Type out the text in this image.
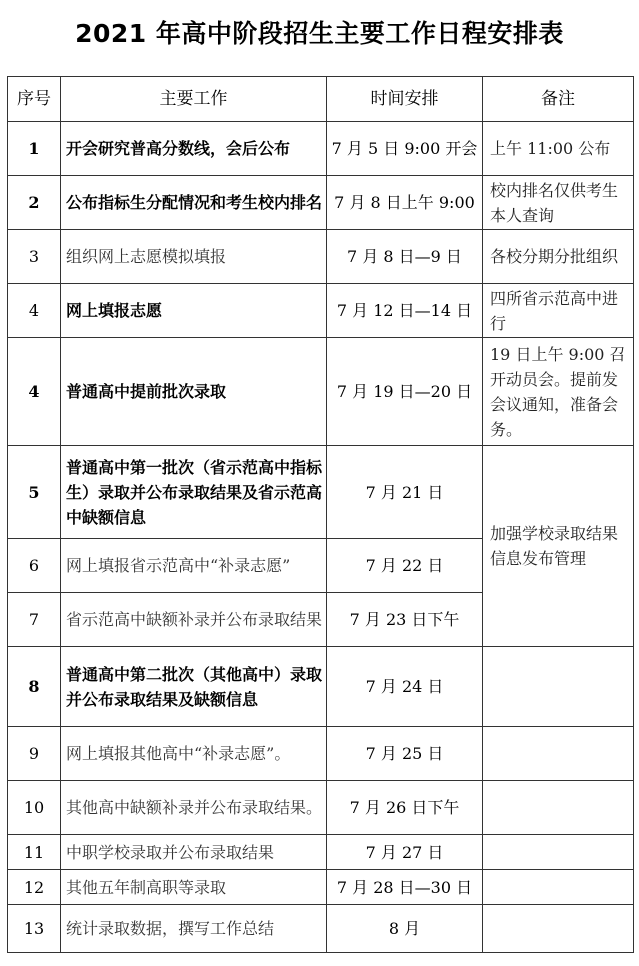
2021 年高中阶段招生主要工作日程安排表
序号	主要工作	时间安排	备注
1	开会研究普高分数线，会后公布	7 月 5 日 9:00 开会	上午 11:00 公布
2	公布指标生分配情况和考生校内排名	7 月 8 日上午 9:00	校内排名仅供考生本人查询
3	组织网上志愿模拟填报	7 月 8 日—9 日	各校分期分批组织
4	网上填报志愿	7 月 12 日—14 日	四所省示范高中进行
4	普通高中提前批次录取	7 月 19 日—20 日	19 日上午 9:00 召开动员会。提前发会议通知，准备会务。
5	普通高中第一批次（省示范高中指标生）录取并公布录取结果及省示范高中缺额信息	7 月 21 日	加强学校录取结果信息发布管理
6	网上填报省示范高中“补录志愿”	7 月 22 日	
7	省示范高中缺额补录并公布录取结果	7 月 23 日下午	
8	普通高中第二批次（其他高中）录取并公布录取结果及缺额信息	7 月 24 日	
9	网上填报其他高中“补录志愿”。	7 月 25 日	
10	其他高中缺额补录并公布录取结果。	7 月 26 日下午	
11	中职学校录取并公布录取结果	7 月 27 日	
12	其他五年制高职等录取	7 月 28 日—30 日	
13	统计录取数据，撰写工作总结	8 月	
